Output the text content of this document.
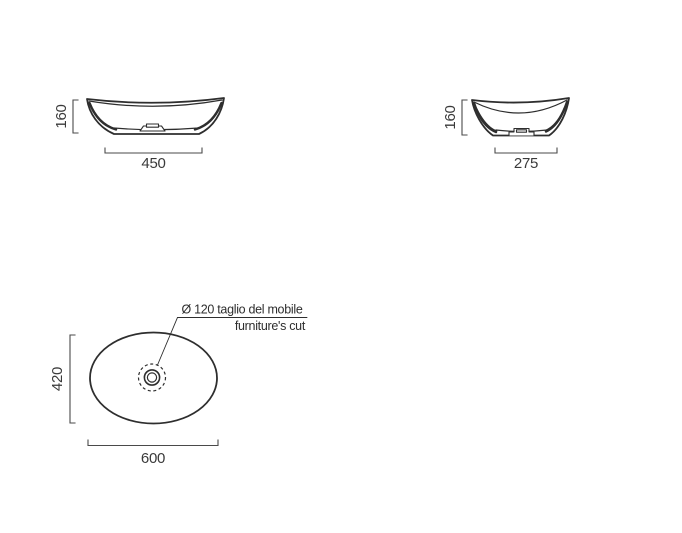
160
450
160
275
Ø 120 taglio del mobile
furniture's cut
420
600
